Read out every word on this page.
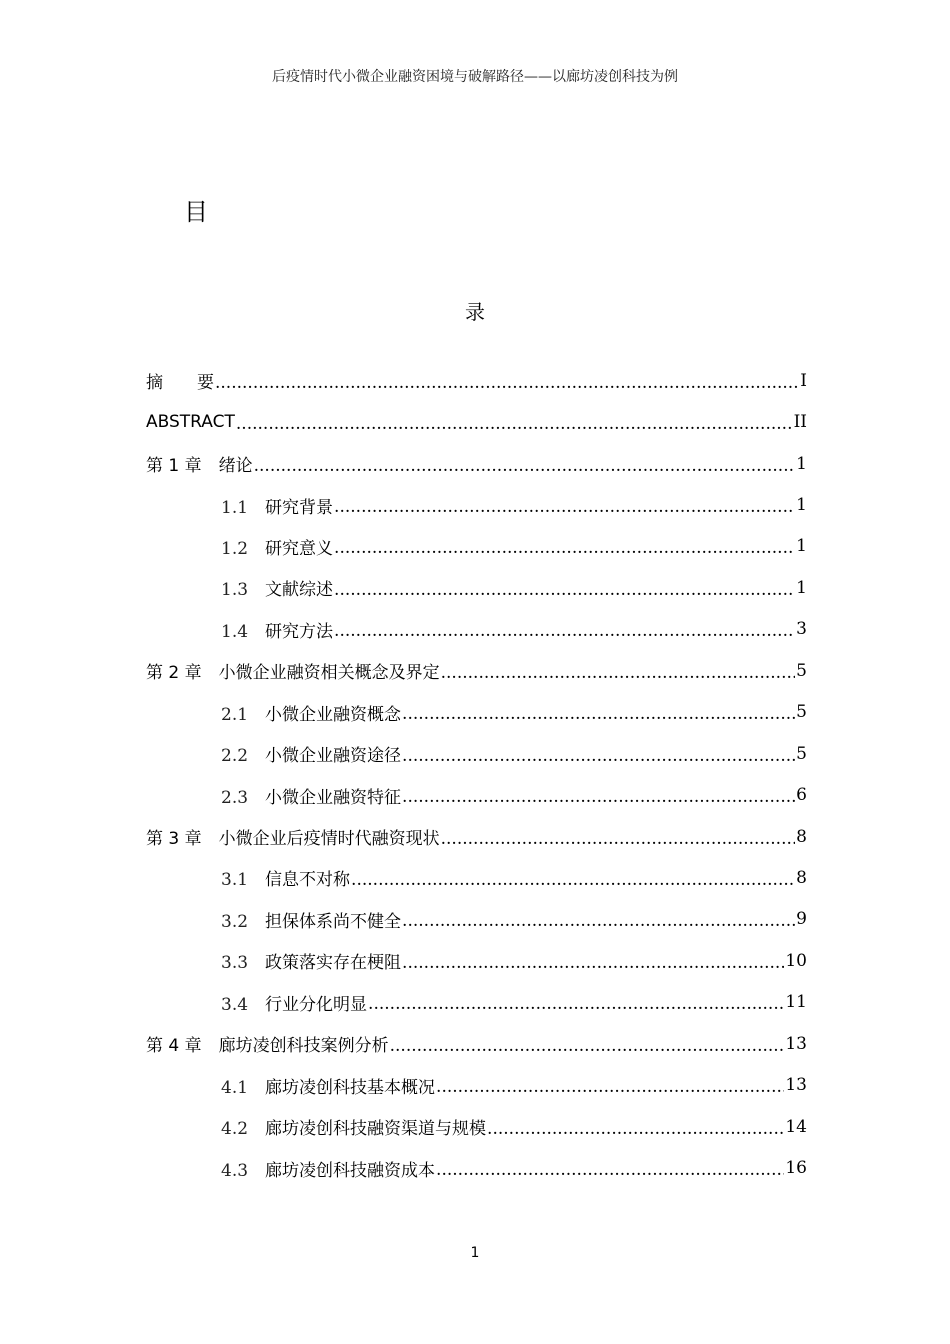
后疫情时代小微企业融资困境与破解路径——以廊坊凌创科技为例
目
录
摘　　要 .....	I
ABSTRACT .....	II
第 1 章　 绪论 .....	1
1.1　 研究背景 .....	1
1.2　 研究意义 .....	1
1.3　 文献综述 .....	1
1.4　 研究方法 .....	3
第 2 章　 小微企业融资相关概念及界定 .....	5
2.1　 小微企业融资概念 .....	5
2.2　 小微企业融资途径 .....	5
2.3　 小微企业融资特征 .....	6
第 3 章　 小微企业后疫情时代融资现状 .....	8
3.1　 信息不对称 .....	8
3.2　 担保体系尚不健全 .....	9
3.3　 政策落实存在梗阻 .....	10
3.4　 行业分化明显 .....	11
第 4 章　 廊坊凌创科技案例分析 .....	13
4.1　 廊坊凌创科技基本概况 .....	13
4.2　 廊坊凌创科技融资渠道与规模 .....	14
4.3　 廊坊凌创科技融资成本 .....	16
1
